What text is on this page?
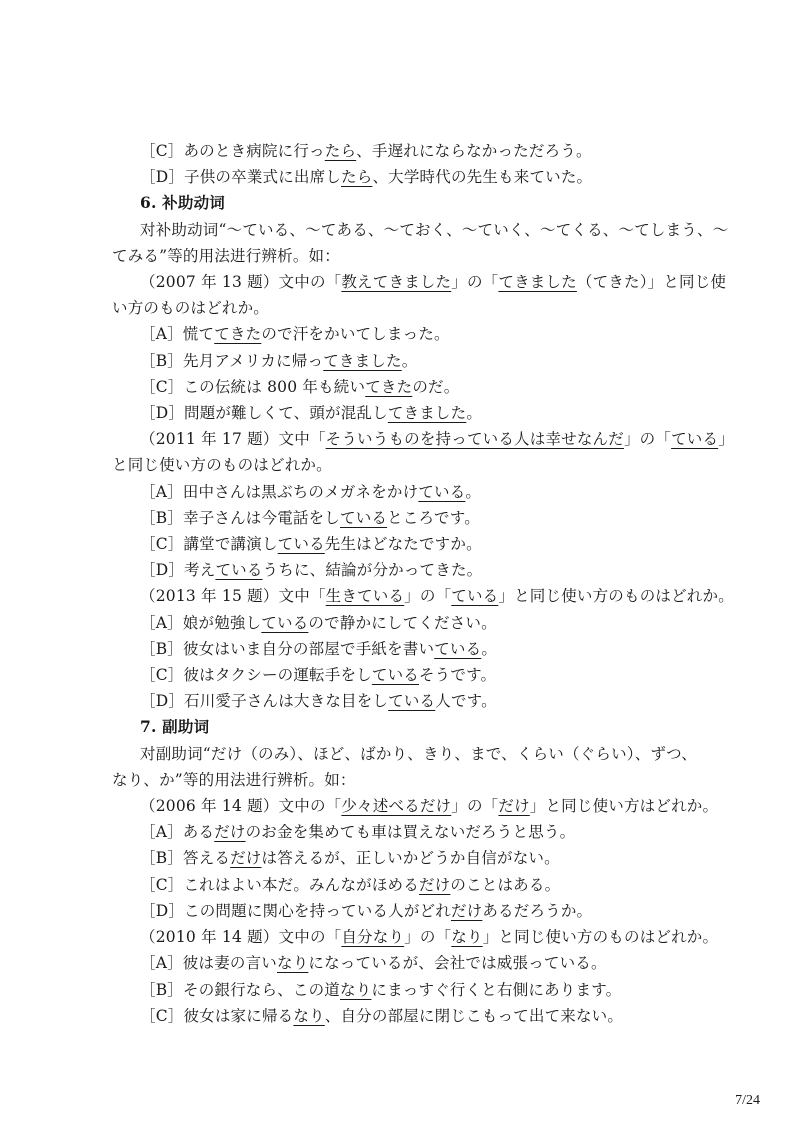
［C］あのとき病院に行ったら、手遅れにならなかっただろう。
［D］子供の卒業式に出席したら、大学時代の先生も来ていた。
6. 补助动词
对补助动词“～ている、～てある、～ておく、～ていく、～てくる、～てしまう、～
てみる”等的用法进行辨析。如：
（2007 年 13 题）文中の「教えてきました」の「てきました（てきた）」と同じ使
い方のものはどれか。
［A］慌ててきたので汗をかいてしまった。
［B］先月アメリカに帰ってきました。
［C］この伝統は 800 年も続いてきたのだ。
［D］問題が難しくて、頭が混乱してきました。
（2011 年 17 题）文中「そういうものを持っている人は幸せなんだ」の「ている」
と同じ使い方のものはどれか。
［A］田中さんは黒ぶちのメガネをかけている。
［B］幸子さんは今電話をしているところです。
［C］講堂で講演している先生はどなたですか。
［D］考えているうちに、結論が分かってきた。
（2013 年 15 题）文中「生きている」の「ている」と同じ使い方のものはどれか。
［A］娘が勉強しているので静かにしてください。
［B］彼女はいま自分の部屋で手紙を書いている。
［C］彼はタクシーの運転手をしているそうです。
［D］石川愛子さんは大きな目をしている人です。
7. 副助词
对副助词“だけ（のみ）、ほど、ばかり、きり、まで、くらい（ぐらい）、ずつ、
なり、か”等的用法进行辨析。如：
（2006 年 14 题）文中の「少々述べるだけ」の「だけ」と同じ使い方はどれか。
［A］あるだけのお金を集めても車は買えないだろうと思う。
［B］答えるだけは答えるが、正しいかどうか自信がない。
［C］これはよい本だ。みんながほめるだけのことはある。
［D］この問題に関心を持っている人がどれだけあるだろうか。
（2010 年 14 题）文中の「自分なり」の「なり」と同じ使い方のものはどれか。
［A］彼は妻の言いなりになっているが、会社では威張っている。
［B］その銀行なら、この道なりにまっすぐ行くと右側にあります。
［C］彼女は家に帰るなり、自分の部屋に閉じこもって出て来ない。
7/24
